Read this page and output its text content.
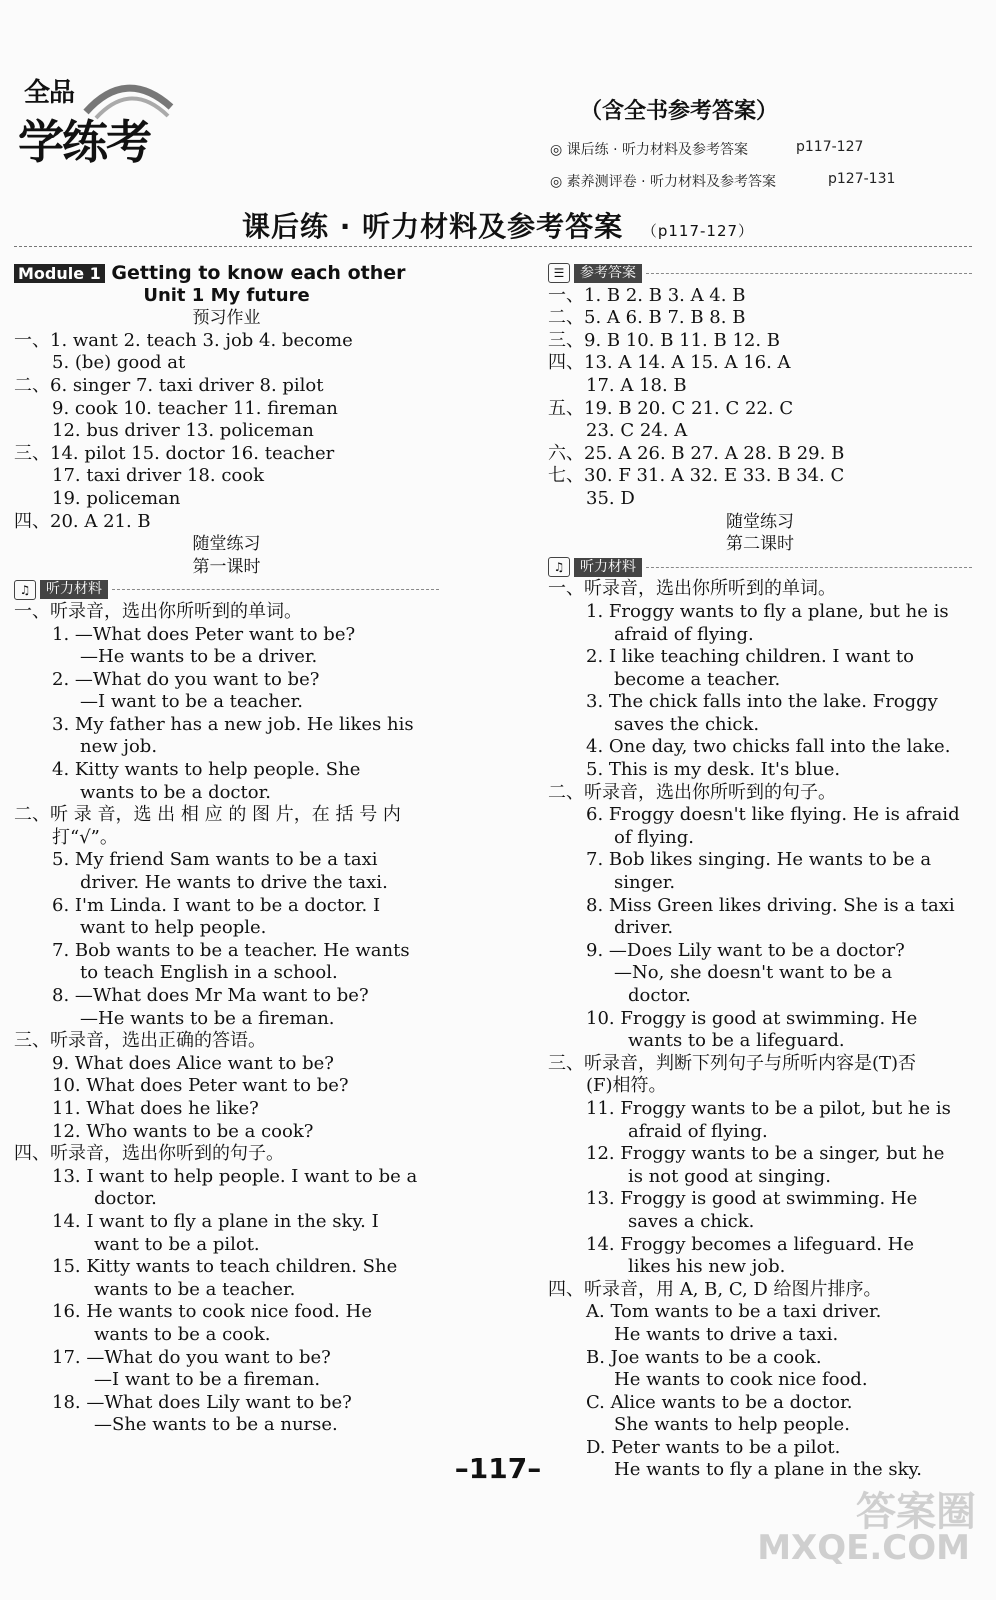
全品
学练考
（含全书参考答案）
◎ 课后练 · 听力材料及参考答案	p117-127
◎ 素养测评卷 · 听力材料及参考答案	p127-131
课后练 · 听力材料及参考答案 （p117-127）
Module 1 Getting to know each other
Unit 1 My future
预习作业
一、1. want 2. teach 3. job 4. become
5. (be) good at
二、6. singer 7. taxi driver 8. pilot
9. cook 10. teacher 11. fireman
12. bus driver 13. policeman
三、14. pilot 15. doctor 16. teacher
17. taxi driver 18. cook
19. policeman
四、20. A 21. B
随堂练习
第一课时
♫	听力材料
一、听录音，选出你所听到的单词。
1. —What does Peter want to be?
—He wants to be a driver.
2. —What do you want to be?
—I want to be a teacher.
3. My father has a new job. He likes his
new job.
4. Kitty wants to help people. She
wants to be a doctor.
二、听 录 音，选 出 相 应 的 图 片，在 括 号 内
打“√”。
5. My friend Sam wants to be a taxi
driver. He wants to drive the taxi.
6. I'm Linda. I want to be a doctor. I
want to help people.
7. Bob wants to be a teacher. He wants
to teach English in a school.
8. —What does Mr Ma want to be?
—He wants to be a fireman.
三、听录音，选出正确的答语。
9. What does Alice want to be?
10. What does Peter want to be?
11. What does he like?
12. Who wants to be a cook?
四、听录音，选出你听到的句子。
13. I want to help people. I want to be a
doctor.
14. I want to fly a plane in the sky. I
want to be a pilot.
15. Kitty wants to teach children. She
wants to be a teacher.
16. He wants to cook nice food. He
wants to be a cook.
17. —What do you want to be?
—I want to be a fireman.
18. —What does Lily want to be?
—She wants to be a nurse.
☰	参考答案
一、1. B 2. B 3. A 4. B
二、5. A 6. B 7. B 8. B
三、9. B 10. B 11. B 12. B
四、13. A 14. A 15. A 16. A
17. A 18. B
五、19. B 20. C 21. C 22. C
23. C 24. A
六、25. A 26. B 27. A 28. B 29. B
七、30. F 31. A 32. E 33. B 34. C
35. D
随堂练习
第二课时
♫	听力材料
一、听录音，选出你所听到的单词。
1. Froggy wants to fly a plane, but he is
afraid of flying.
2. I like teaching children. I want to
become a teacher.
3. The chick falls into the lake. Froggy
saves the chick.
4. One day, two chicks fall into the lake.
5. This is my desk. It's blue.
二、听录音，选出你所听到的句子。
6. Froggy doesn't like flying. He is afraid
of flying.
7. Bob likes singing. He wants to be a
singer.
8. Miss Green likes driving. She is a taxi
driver.
9. —Does Lily want to be a doctor?
—No, she doesn't want to be a
doctor.
10. Froggy is good at swimming. He
wants to be a lifeguard.
三、听录音，判断下列句子与所听内容是(T)否
(F)相符。
11. Froggy wants to be a pilot, but he is
afraid of flying.
12. Froggy wants to be a singer, but he
is not good at singing.
13. Froggy is good at swimming. He
saves a chick.
14. Froggy becomes a lifeguard. He
likes his new job.
四、听录音，用 A, B, C, D 给图片排序。
A. Tom wants to be a taxi driver.
He wants to drive a taxi.
B. Joe wants to be a cook.
He wants to cook nice food.
C. Alice wants to be a doctor.
She wants to help people.
D. Peter wants to be a pilot.
He wants to fly a plane in the sky.
–117–
答案圈
MXQE.COM
